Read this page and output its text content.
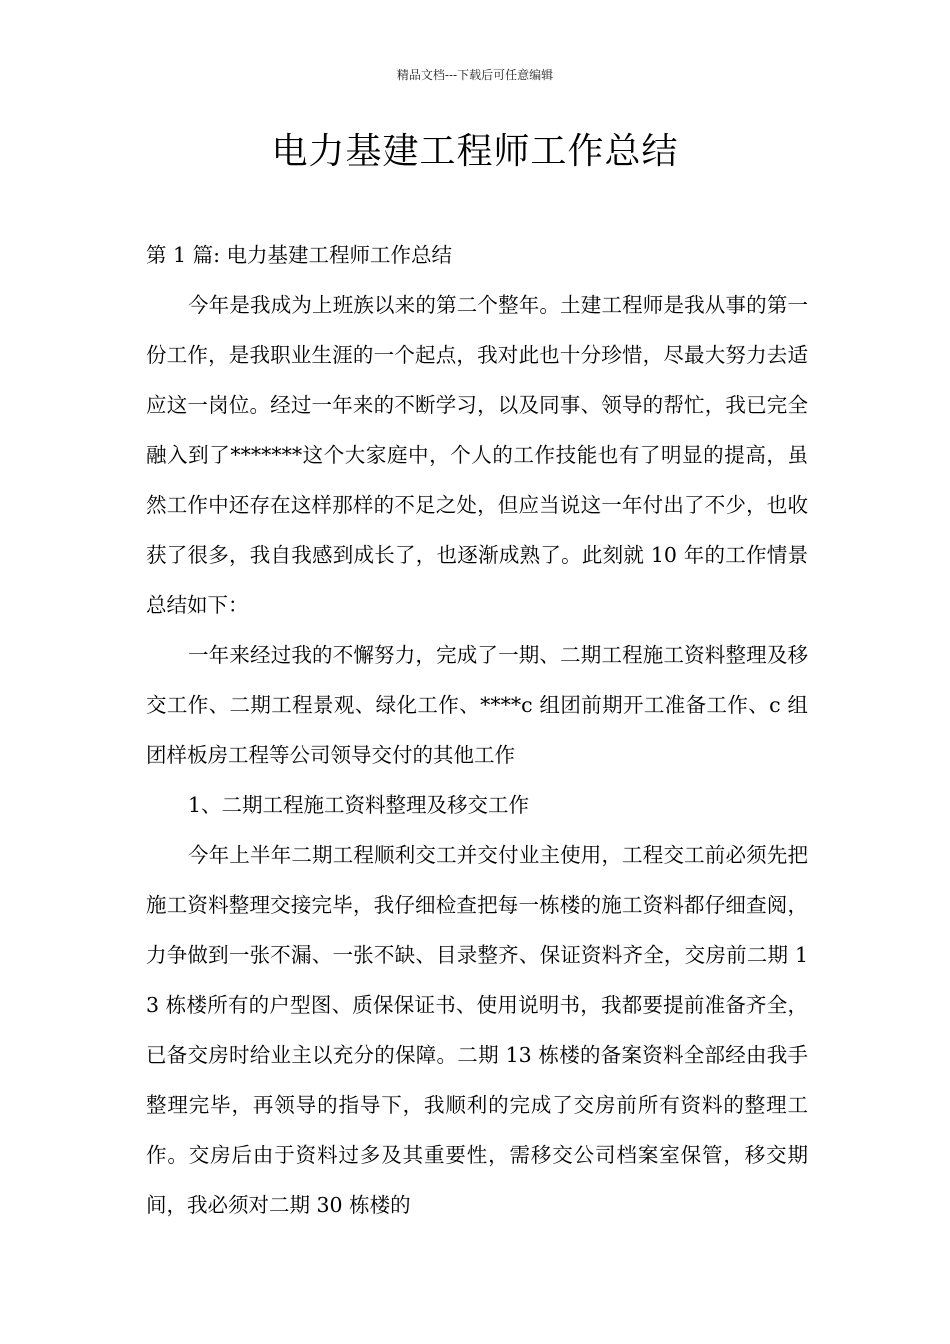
精品文档---下载后可任意编辑
电力基建工程师工作总结

第 1 篇: 电力基建工程师工作总结

今年是我成为上班族以来的第二个整年。土建工程师是我从事的第一份工作，是我职业生涯的一个起点，我对此也十分珍惜，尽最大努力去适应这一岗位。经过一年来的不断学习，以及同事、领导的帮忙，我已完全融入到了*******这个大家庭中，个人的工作技能也有了明显的提高，虽然工作中还存在这样那样的不足之处，但应当说这一年付出了不少，也收获了很多，我自我感到成长了，也逐渐成熟了。此刻就 10 年的工作情景总结如下：

一年来经过我的不懈努力，完成了一期、二期工程施工资料整理及移交工作、二期工程景观、绿化工作、****c 组团前期开工准备工作、c 组团样板房工程等公司领导交付的其他工作

1、二期工程施工资料整理及移交工作

今年上半年二期工程顺利交工并交付业主使用，工程交工前必须先把施工资料整理交接完毕，我仔细检查把每一栋楼的施工资料都仔细查阅，力争做到一张不漏、一张不缺、目录整齐、保证资料齐全，交房前二期 13 栋楼所有的户型图、质保保证书、使用说明书，我都要提前准备齐全，已备交房时给业主以充分的保障。二期 13 栋楼的备案资料全部经由我手整理完毕，再领导的指导下，我顺利的完成了交房前所有资料的整理工作。交房后由于资料过多及其重要性，需移交公司档案室保管，移交期间，我必须对二期 30 栋楼的
